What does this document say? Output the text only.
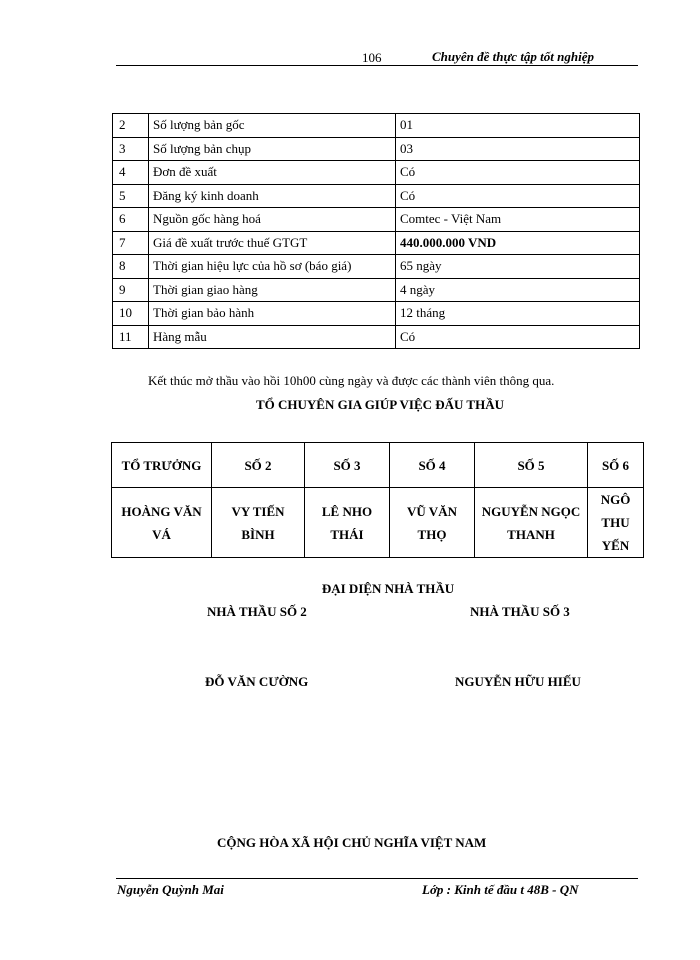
106	Chuyên đề thực tập tốt nghiệp
2	Số lượng bản gốc	01
3	Số lượng bản chụp	03
4	Đơn đề xuất	Có
5	Đăng ký kinh doanh	Có
6	Nguồn gốc hàng hoá	Comtec - Việt Nam
7	Giá đề xuất trước thuế GTGT	440.000.000 VND
8	Thời gian hiệu lực của hồ sơ (báo giá)	65 ngày
9	Thời gian giao hàng	4 ngày
10	Thời gian bảo hành	12 tháng
11	Hàng mẫu	Có
Kết thúc mở thầu vào hồi 10h00 cùng ngày và được các thành viên thông qua.
TỔ CHUYÊN GIA GIÚP VIỆC ĐẤU THẦU
TỔ TRƯỞNG	SỐ 2	SỐ 3	SỐ 4	SỐ 5	SỐ 6
HOÀNG VĂN VÁ	VY TIẾN BÌNH	LÊ NHO THÁI	VŨ VĂN THỌ	NGUYỄN NGỌC THANH	NGÔ THU YẾN
ĐẠI DIỆN NHÀ THẦU
NHÀ THẦU SỐ 2	NHÀ THẦU SỐ 3
ĐỖ VĂN CƯỜNG	NGUYỄN HỮU HIẾU
CỘNG HÒA XÃ HỘI CHỦ NGHĨA VIỆT NAM
Nguyễn Quỳnh Mai	Lớp : Kinh tế đầu t 48B - QN
